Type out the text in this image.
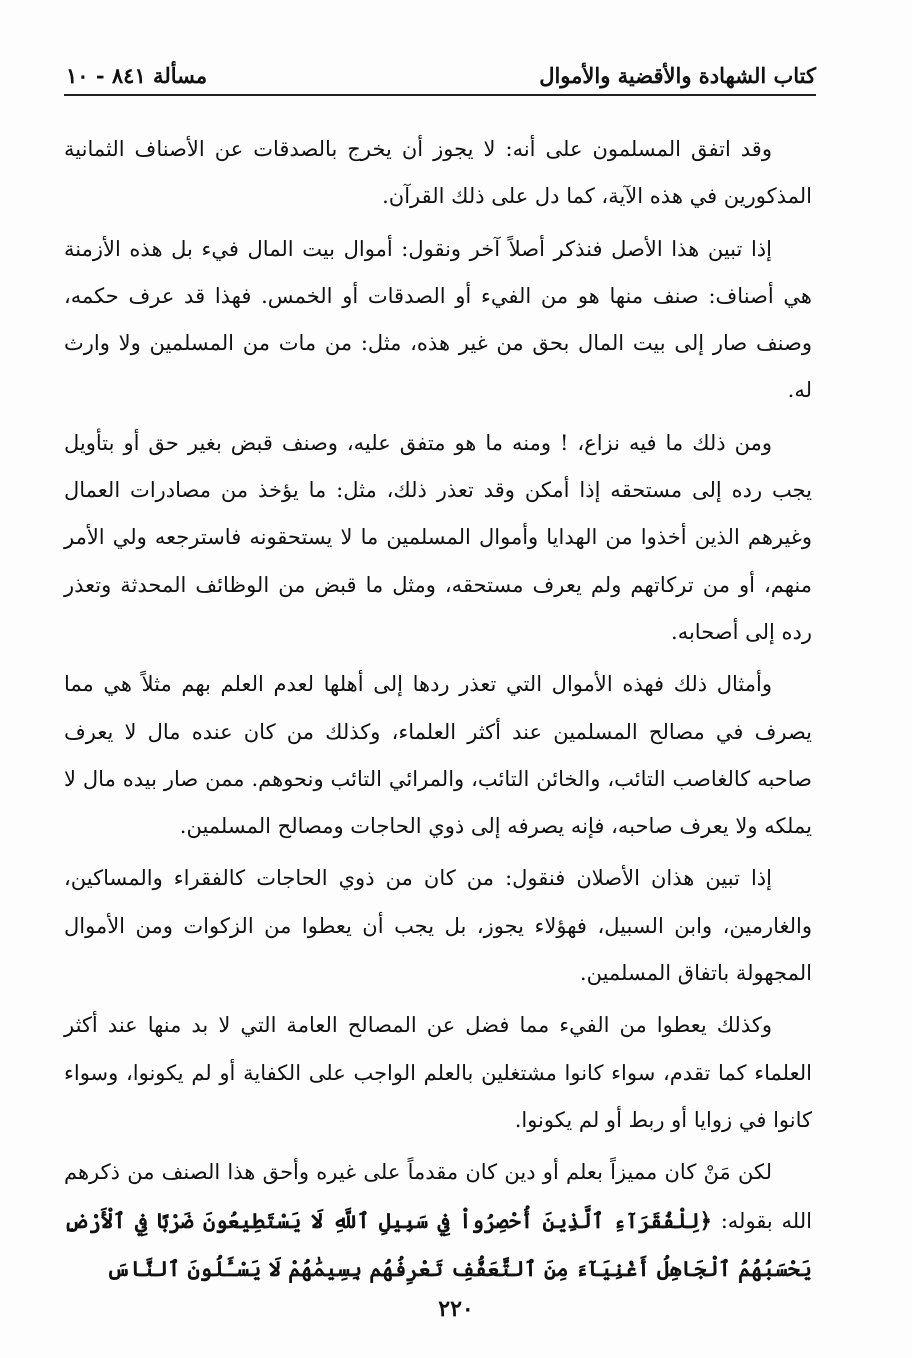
مسألة ٨٤١ - ١٠	كتاب الشهادة والأقضية والأموال

وقد اتفق المسلمون على أنه: لا يجوز أن يخرج بالصدقات عن الأصناف الثمانية المذكورين في هذه الآية، كما دل على ذلك القرآن.

إذا تبين هذا الأصل فنذكر أصلاً آخر ونقول: أموال بيت المال فيء بل هذه الأزمنة هي أصناف: صنف منها هو من الفيء أو الصدقات أو الخمس. فهذا قد عرف حكمه، وصنف صار إلى بيت المال بحق من غير هذه، مثل: من مات من المسلمين ولا وارث له.

ومن ذلك ما فيه نزاع، ! ومنه ما هو متفق عليه، وصنف قبض بغير حق أو بتأويل يجب رده إلى مستحقه إذا أمكن وقد تعذر ذلك، مثل: ما يؤخذ من مصادرات العمال وغيرهم الذين أخذوا من الهدايا وأموال المسلمين ما لا يستحقونه فاسترجعه ولي الأمر منهم، أو من تركاتهم ولم يعرف مستحقه، ومثل ما قبض من الوظائف المحدثة وتعذر رده إلى أصحابه.

وأمثال ذلك فهذه الأموال التي تعذر ردها إلى أهلها لعدم العلم بهم مثلاً هي مما يصرف في مصالح المسلمين عند أكثر العلماء، وكذلك من كان عنده مال لا يعرف صاحبه كالغاصب التائب، والخائن التائب، والمرائي التائب ونحوهم. ممن صار بيده مال لا يملكه ولا يعرف صاحبه، فإنه يصرفه إلى ذوي الحاجات ومصالح المسلمين.

إذا تبين هذان الأصلان فنقول: من كان من ذوي الحاجات كالفقراء والمساكين، والغارمين، وابن السبيل، فهؤلاء يجوز، بل يجب أن يعطوا من الزكوات ومن الأموال المجهولة باتفاق المسلمين.

وكذلك يعطوا من الفيء مما فضل عن المصالح العامة التي لا بد منها عند أكثر العلماء كما تقدم، سواء كانوا مشتغلين بالعلم الواجب على الكفاية أو لم يكونوا، وسواء كانوا في زوايا أو ربط أو لم يكونوا.

لكن مَنْ كان مميزاً بعلم أو دين كان مقدماً على غيره وأحق هذا الصنف من ذكرهم الله بقوله: ﴿لِلْفُقَرَآءِ ٱلَّذِينَ أُحْصِرُواْ فِي سَبِيلِ ٱللَّهِ لَا يَسْتَطِيعُونَ ضَرْبًا فِي ٱلْأَرْضِ يَحْسَبُهُمُ ٱلْجَاهِلُ أَغْنِيَآءَ مِنَ ٱلتَّعَفُّفِ تَعْرِفُهُم بِسِيمَٰهُمْ لَا يَسْـَٔلُونَ ٱلنَّاسَ

٢٢٠
